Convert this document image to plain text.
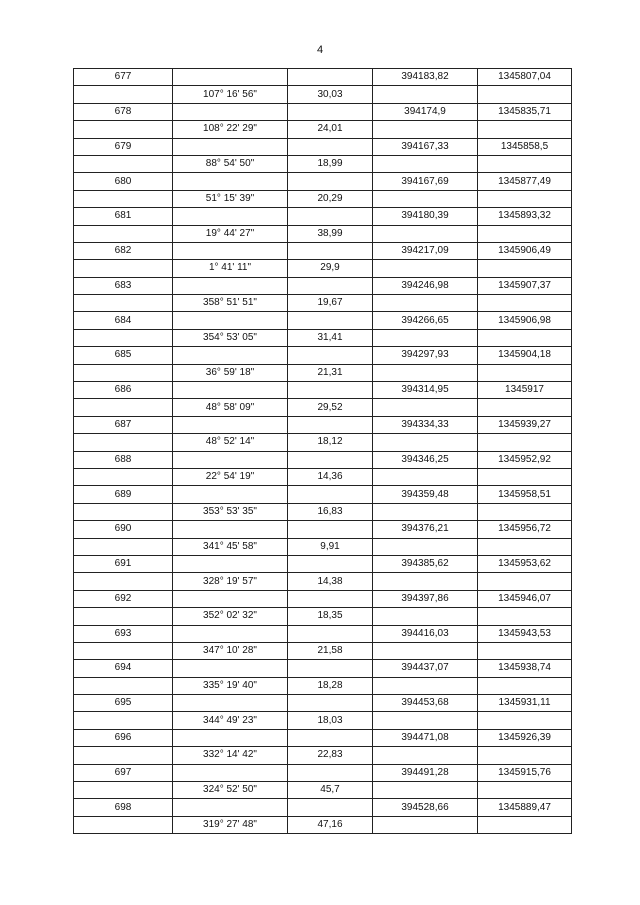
4
677			394183,82	1345807,04
	107° 16' 56"	30,03		
678			394174,9	1345835,71
	108° 22' 29"	24,01		
679			394167,33	1345858,5
	88° 54' 50"	18,99		
680			394167,69	1345877,49
	51° 15' 39"	20,29		
681			394180,39	1345893,32
	19° 44' 27"	38,99		
682			394217,09	1345906,49
	1° 41' 11"	29,9		
683			394246,98	1345907,37
	358° 51' 51"	19,67		
684			394266,65	1345906,98
	354° 53' 05"	31,41		
685			394297,93	1345904,18
	36° 59' 18"	21,31		
686			394314,95	1345917
	48° 58' 09"	29,52		
687			394334,33	1345939,27
	48° 52' 14"	18,12		
688			394346,25	1345952,92
	22° 54' 19"	14,36		
689			394359,48	1345958,51
	353° 53' 35"	16,83		
690			394376,21	1345956,72
	341° 45' 58"	9,91		
691			394385,62	1345953,62
	328° 19' 57"	14,38		
692			394397,86	1345946,07
	352° 02' 32"	18,35		
693			394416,03	1345943,53
	347° 10' 28"	21,58		
694			394437,07	1345938,74
	335° 19' 40"	18,28		
695			394453,68	1345931,11
	344° 49' 23"	18,03		
696			394471,08	1345926,39
	332° 14' 42"	22,83		
697			394491,28	1345915,76
	324° 52' 50"	45,7		
698			394528,66	1345889,47
	319° 27' 48"	47,16		
